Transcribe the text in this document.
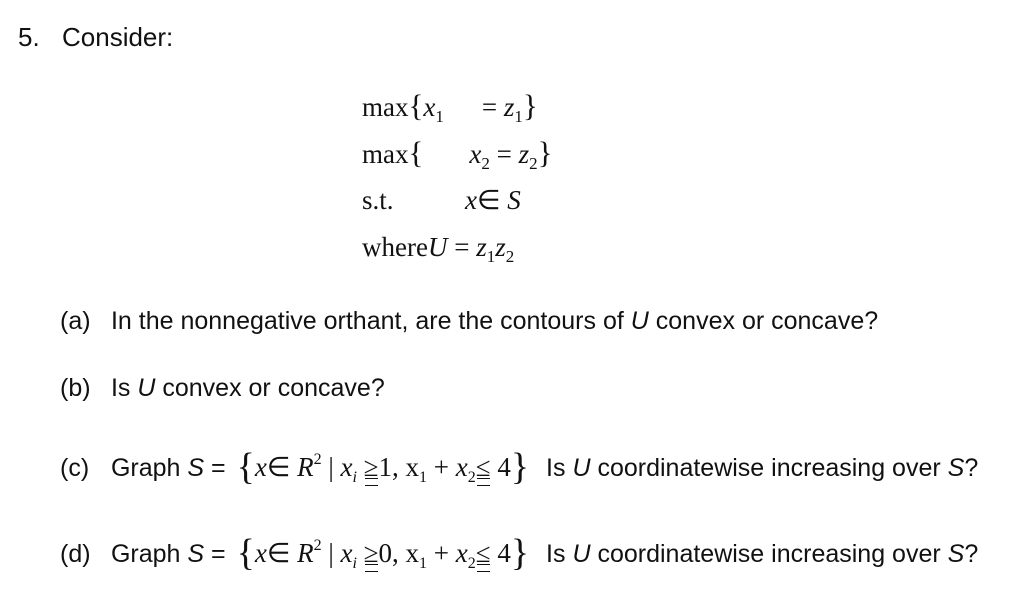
5. Consider:
$\max\{x_1 = z_1\}$
max{ $x_2 = z_2$}
s.t.	x∈ S
whereU = $z_1z_2$
(a) In the nonnegative orthant, are the contours of U convex or concave?
(b) Is U convex or concave?
(c) Graph S = {x∈ $R^2$ | $x_i \ge 1$, $x_1 + x_2\le 4$} Is U coordinatewise increasing over S?
(d) Graph S = {x∈ $R^2$ | $x_i \ge 0$, $x_1 + x_2\le 4$} Is U coordinatewise increasing over S?
